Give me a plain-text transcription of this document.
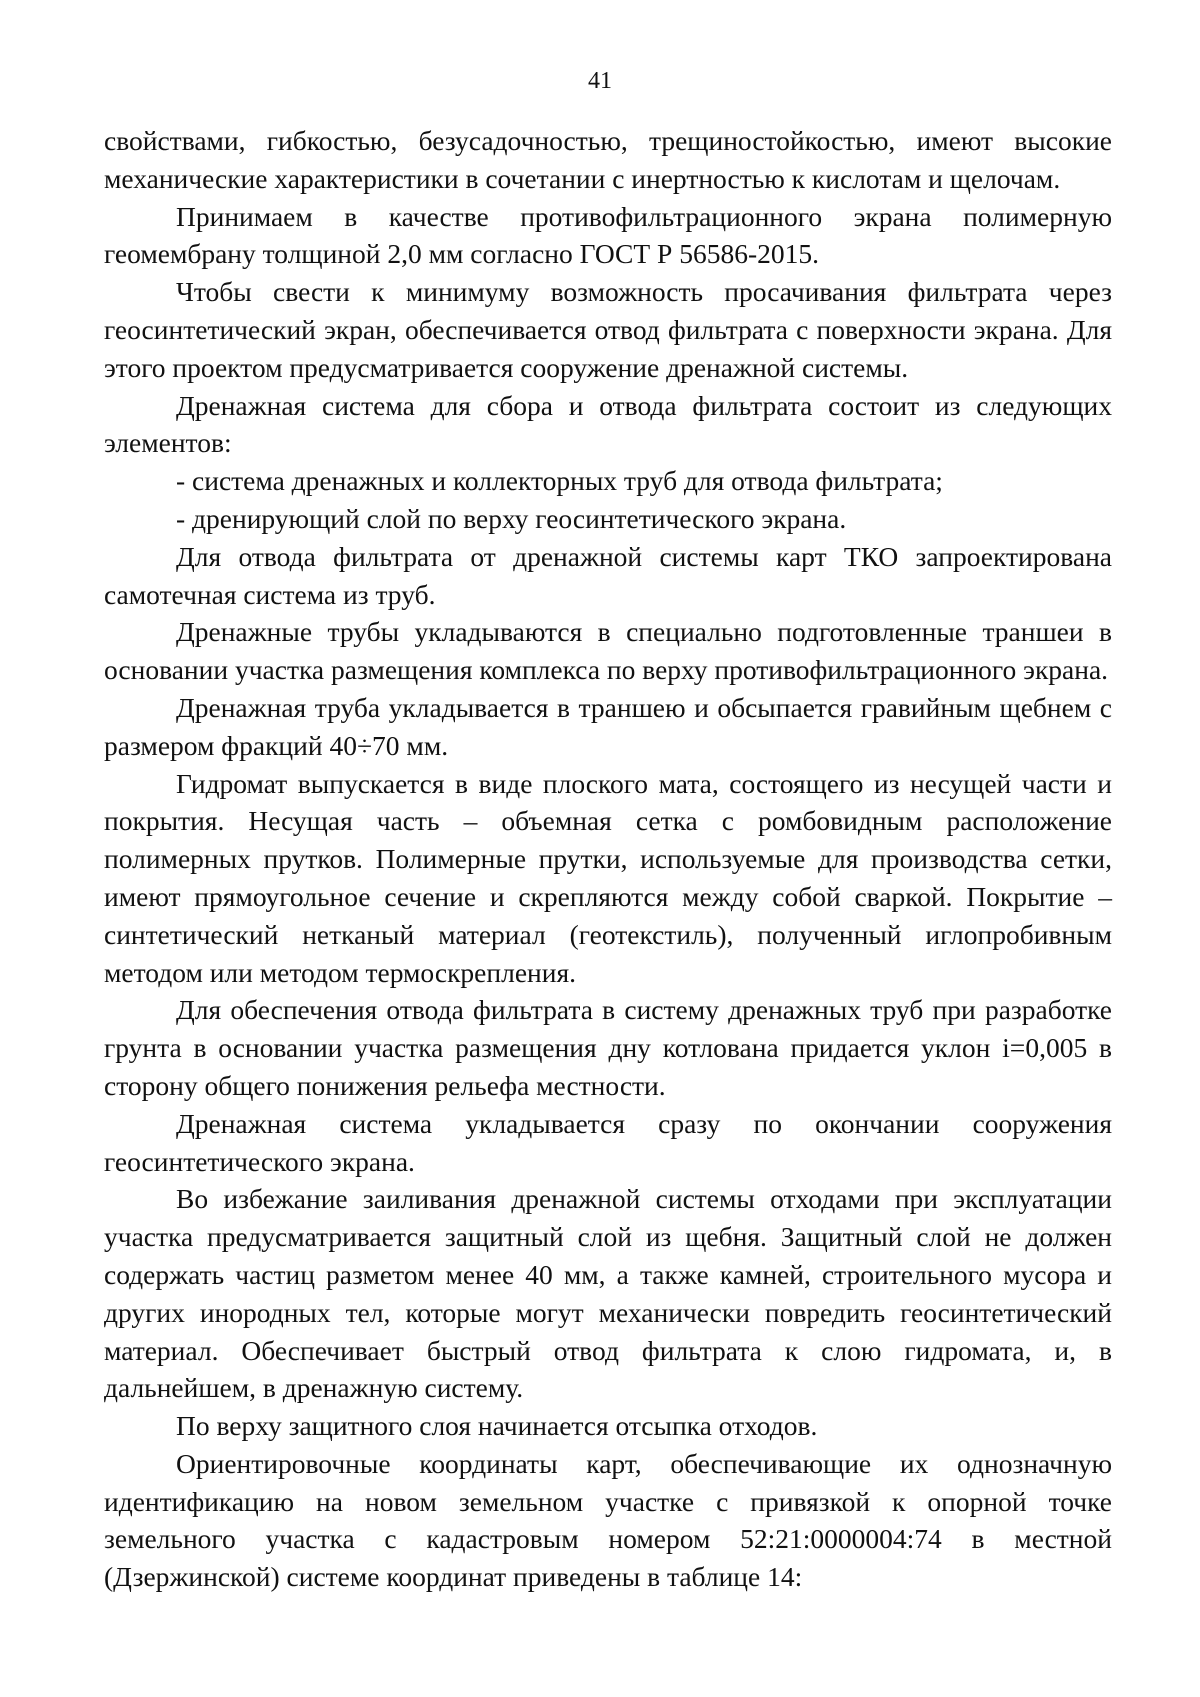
41

свойствами, гибкостью, безусадочностью, трещиностойкостью, имеют высокие механические характеристики в сочетании с инертностью к кислотам и щелочам.

Принимаем в качестве противофильтрационного экрана полимерную геомембрану толщиной 2,0 мм согласно ГОСТ Р 56586-2015.

Чтобы свести к минимуму возможность просачивания фильтрата через геосинтетический экран, обеспечивается отвод фильтрата с поверхности экрана. Для этого проектом предусматривается сооружение дренажной системы.

Дренажная система для сбора и отвода фильтрата состоит из следующих элементов:

- система дренажных и коллекторных труб для отвода фильтрата;

- дренирующий слой по верху геосинтетического экрана.

Для отвода фильтрата от дренажной системы карт ТКО запроектирована самотечная система из труб.

Дренажные трубы укладываются в специально подготовленные траншеи в основании участка размещения комплекса по верху противофильтрационного экрана.

Дренажная труба укладывается в траншею и обсыпается гравийным щебнем с размером фракций 40÷70 мм.

Гидромат выпускается в виде плоского мата, состоящего из несущей части и покрытия. Несущая часть – объемная сетка с ромбовидным расположение полимерных прутков. Полимерные прутки, используемые для производства сетки, имеют прямоугольное сечение и скрепляются между собой сваркой. Покрытие – синтетический нетканый материал (геотекстиль), полученный иглопробивным методом или методом термоскрепления.

Для обеспечения отвода фильтрата в систему дренажных труб при разработке грунта в основании участка размещения дну котлована придается уклон i=0,005 в сторону общего понижения рельефа местности.

Дренажная система укладывается сразу по окончании сооружения геосинтетического экрана.

Во избежание заиливания дренажной системы отходами при эксплуатации участка предусматривается защитный слой из щебня. Защитный слой не должен содержать частиц разметом менее 40 мм, а также камней, строительного мусора и других инородных тел, которые могут механически повредить геосинтетический материал. Обеспечивает быстрый отвод фильтрата к слою гидромата, и, в дальнейшем, в дренажную систему.

По верху защитного слоя начинается отсыпка отходов.

Ориентировочные координаты карт, обеспечивающие их однозначную идентификацию на новом земельном участке с привязкой к опорной точке земельного участка с кадастровым номером 52:21:0000004:74 в местной (Дзержинской) системе координат приведены в таблице 14:
